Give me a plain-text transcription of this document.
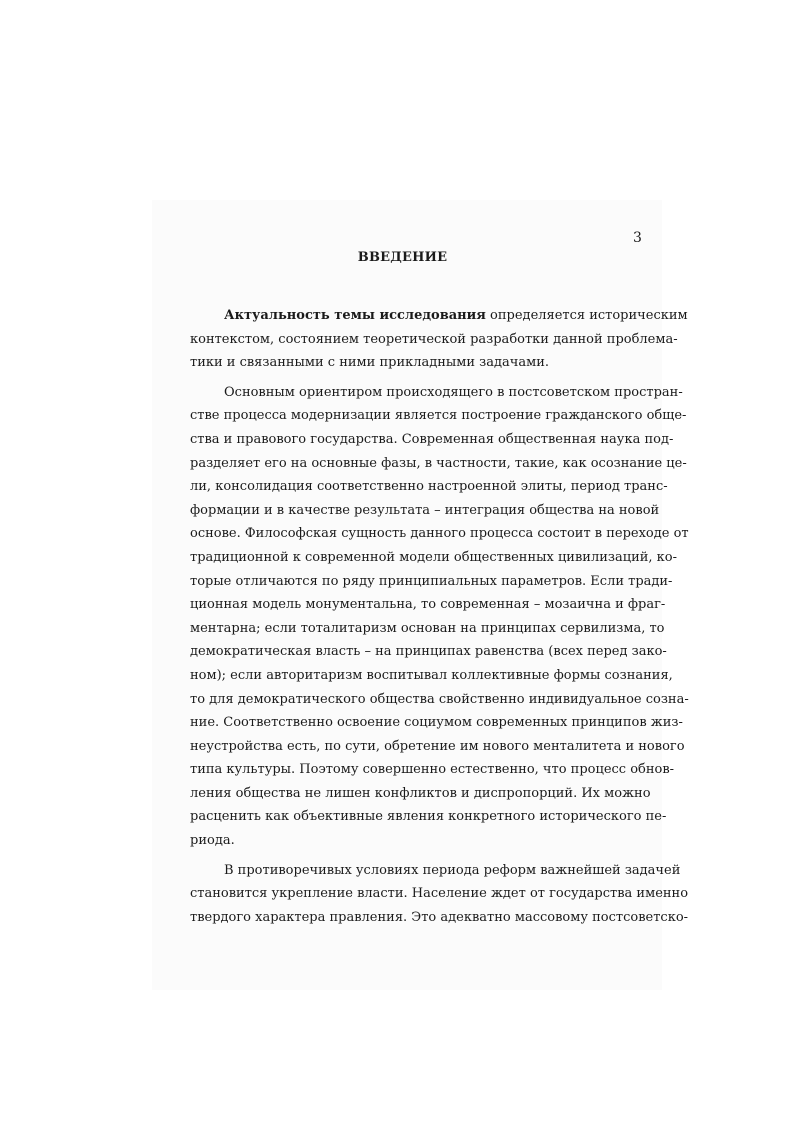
3
ВВЕДЕНИЕ
Актуальность темы исследования определяется историческим
контекстом, состоянием теоретической разработки данной проблема-
тики и связанными с ними прикладными задачами.
Основным ориентиром происходящего в постсоветском простран-
стве процесса модернизации является построение гражданского обще-
ства и правового государства. Современная общественная наука под-
разделяет его на основные фазы, в частности, такие, как осознание це-
ли, консолидация соответственно настроенной элиты, период транс-
формации и в качестве результата – интеграция общества на новой
основе. Философская сущность данного процесса состоит в переходе от
традиционной к современной модели общественных цивилизаций, ко-
торые отличаются по ряду принципиальных параметров. Если тради-
ционная модель монументальна, то современная – мозаична и фраг-
ментарна; если тоталитаризм основан на принципах сервилизма, то
демократическая власть – на принципах равенства (всех перед зако-
ном); если авторитаризм воспитывал коллективные формы сознания,
то для демократического общества свойственно индивидуальное созна-
ние. Соответственно освоение социумом современных принципов жиз-
неустройства есть, по сути, обретение им нового менталитета и нового
типа культуры. Поэтому совершенно естественно, что процесс обнов-
ления общества не лишен конфликтов и диспропорций. Их можно
расценить как объективные явления конкретного исторического пе-
риода.
В противоречивых условиях периода реформ важнейшей задачей
становится укрепление власти. Население ждет от государства именно
твердого характера правления. Это адекватно массовому постсоветско-
